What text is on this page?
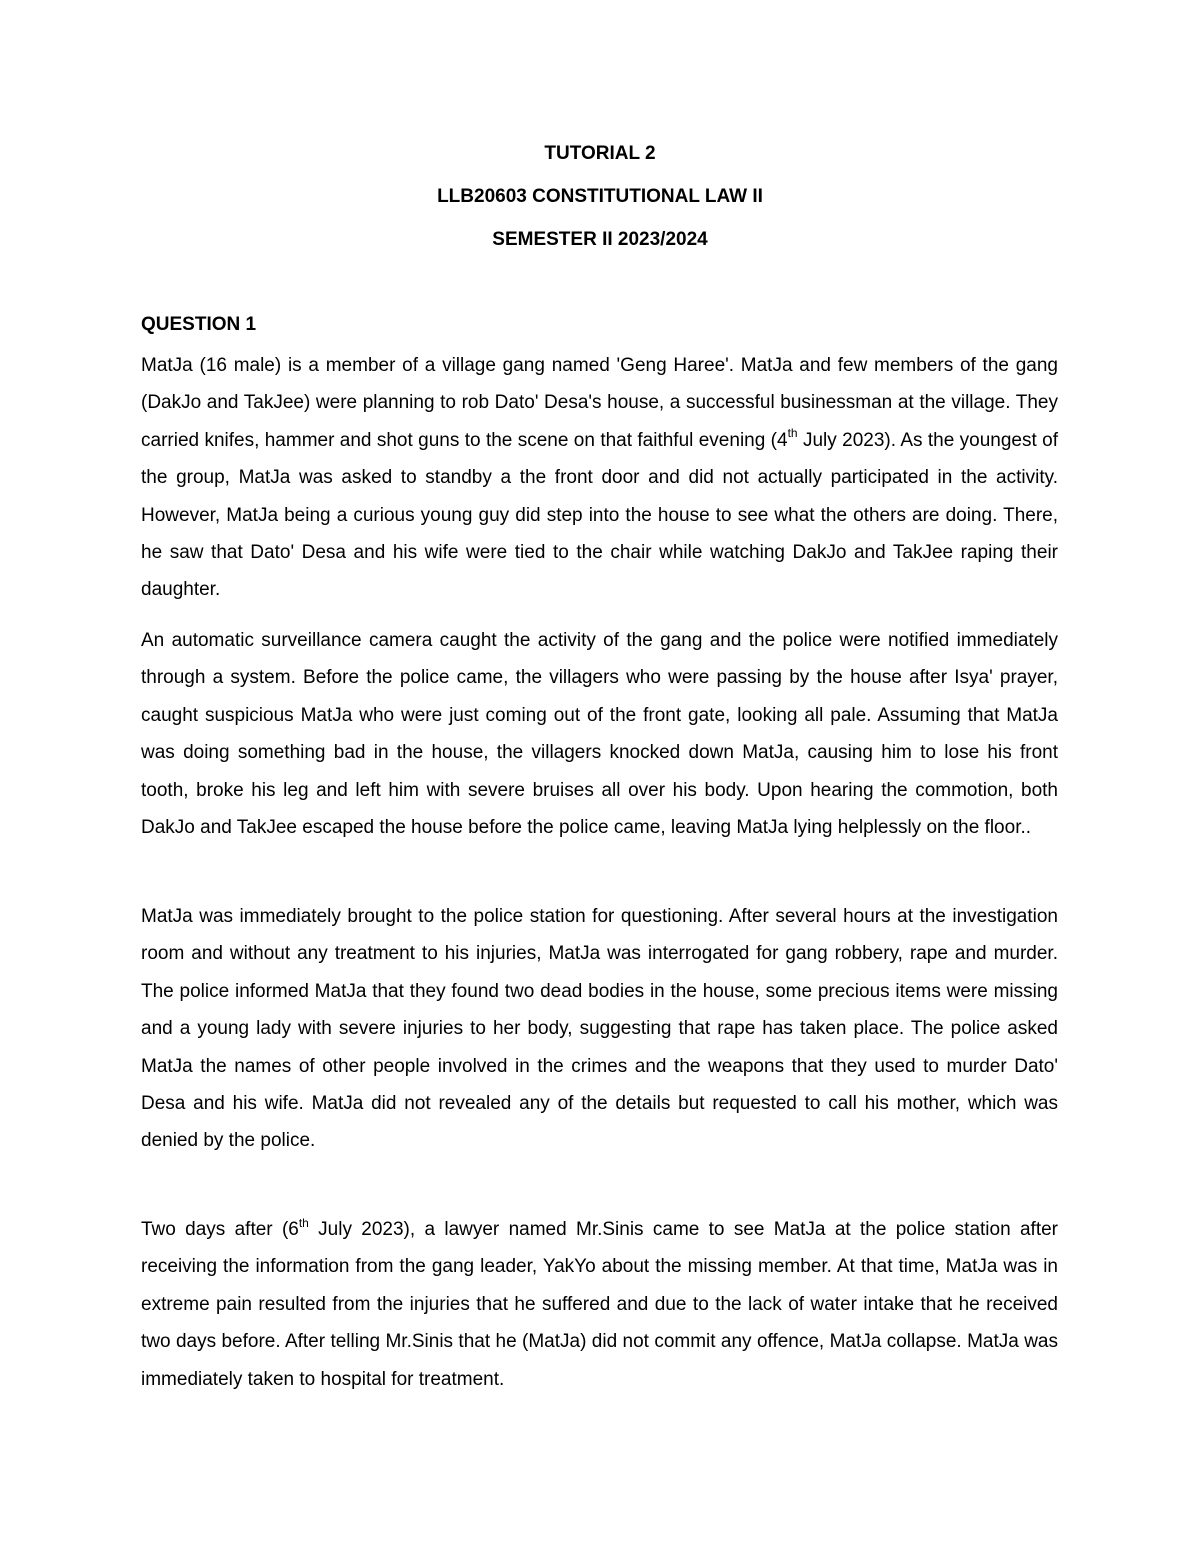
TUTORIAL 2
LLB20603 CONSTITUTIONAL LAW II
SEMESTER II 2023/2024
QUESTION 1

MatJa (16 male) is a member of a village gang named 'Geng Haree'. MatJa and few members of the gang (DakJo and TakJee) were planning to rob Dato' Desa's house, a successful businessman at the village. They carried knifes, hammer and shot guns to the scene on that faithful evening (4th July 2023). As the youngest of the group, MatJa was asked to standby a the front door and did not actually participated in the activity. However, MatJa being a curious young guy did step into the house to see what the others are doing. There, he saw that Dato' Desa and his wife were tied to the chair while watching DakJo and TakJee raping their daughter.

An automatic surveillance camera caught the activity of the gang and the police were notified immediately through a system. Before the police came, the villagers who were passing by the house after Isya' prayer, caught suspicious MatJa who were just coming out of the front gate, looking all pale. Assuming that MatJa was doing something bad in the house, the villagers knocked down MatJa, causing him to lose his front tooth, broke his leg and left him with severe bruises all over his body. Upon hearing the commotion, both DakJo and TakJee escaped the house before the police came, leaving MatJa lying helplessly on the floor..

MatJa was immediately brought to the police station for questioning. After several hours at the investigation room and without any treatment to his injuries, MatJa was interrogated for gang robbery, rape and murder. The police informed MatJa that they found two dead bodies in the house, some precious items were missing and a young lady with severe injuries to her body, suggesting that rape has taken place. The police asked MatJa the names of other people involved in the crimes and the weapons that they used to murder Dato' Desa and his wife. MatJa did not revealed any of the details but requested to call his mother, which was denied by the police.

Two days after (6th July 2023), a lawyer named Mr.Sinis came to see MatJa at the police station after receiving the information from the gang leader, YakYo about the missing member. At that time, MatJa was in extreme pain resulted from the injuries that he suffered and due to the lack of water intake that he received two days before. After telling Mr.Sinis that he (MatJa) did not commit any offence, MatJa collapse. MatJa was immediately taken to hospital for treatment.
